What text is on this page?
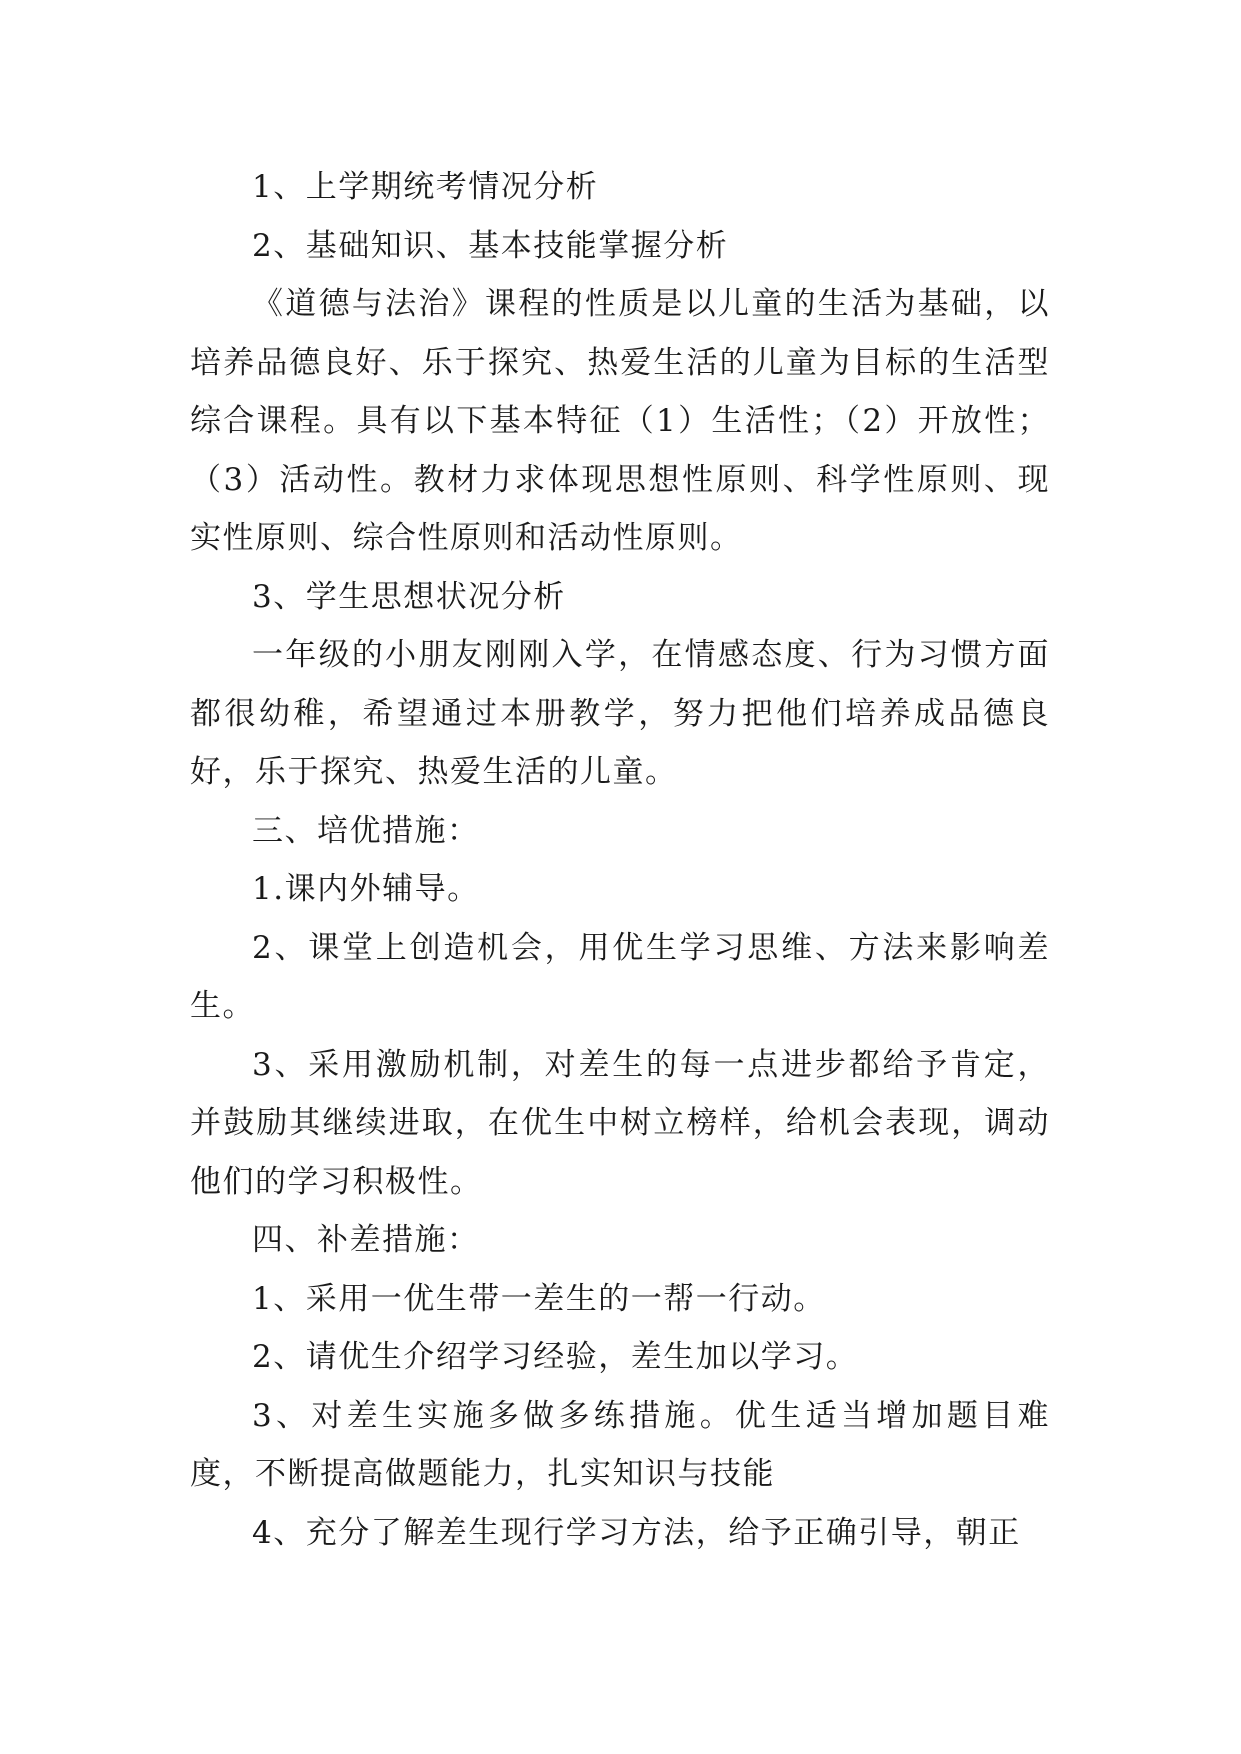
1、上学期统考情况分析

2、基础知识、基本技能掌握分析

《道德与法治》课程的性质是以儿童的生活为基础，以培养品德良好、乐于探究、热爱生活的儿童为目标的生活型综合课程。具有以下基本特征（1）生活性；（2）开放性；（3）活动性。教材力求体现思想性原则、科学性原则、现实性原则、综合性原则和活动性原则。

3、学生思想状况分析

一年级的小朋友刚刚入学，在情感态度、行为习惯方面都很幼稚，希望通过本册教学，努力把他们培养成品德良好，乐于探究、热爱生活的儿童。

三、培优措施：

1.课内外辅导。

2、课堂上创造机会，用优生学习思维、方法来影响差生。

3、采用激励机制，对差生的每一点进步都给予肯定，并鼓励其继续进取，在优生中树立榜样，给机会表现，调动他们的学习积极性。

四、补差措施：

1、采用一优生带一差生的一帮一行动。

2、请优生介绍学习经验，差生加以学习。

3、对差生实施多做多练措施。优生适当增加题目难度，不断提高做题能力，扎实知识与技能

4、充分了解差生现行学习方法，给予正确引导，朝正
